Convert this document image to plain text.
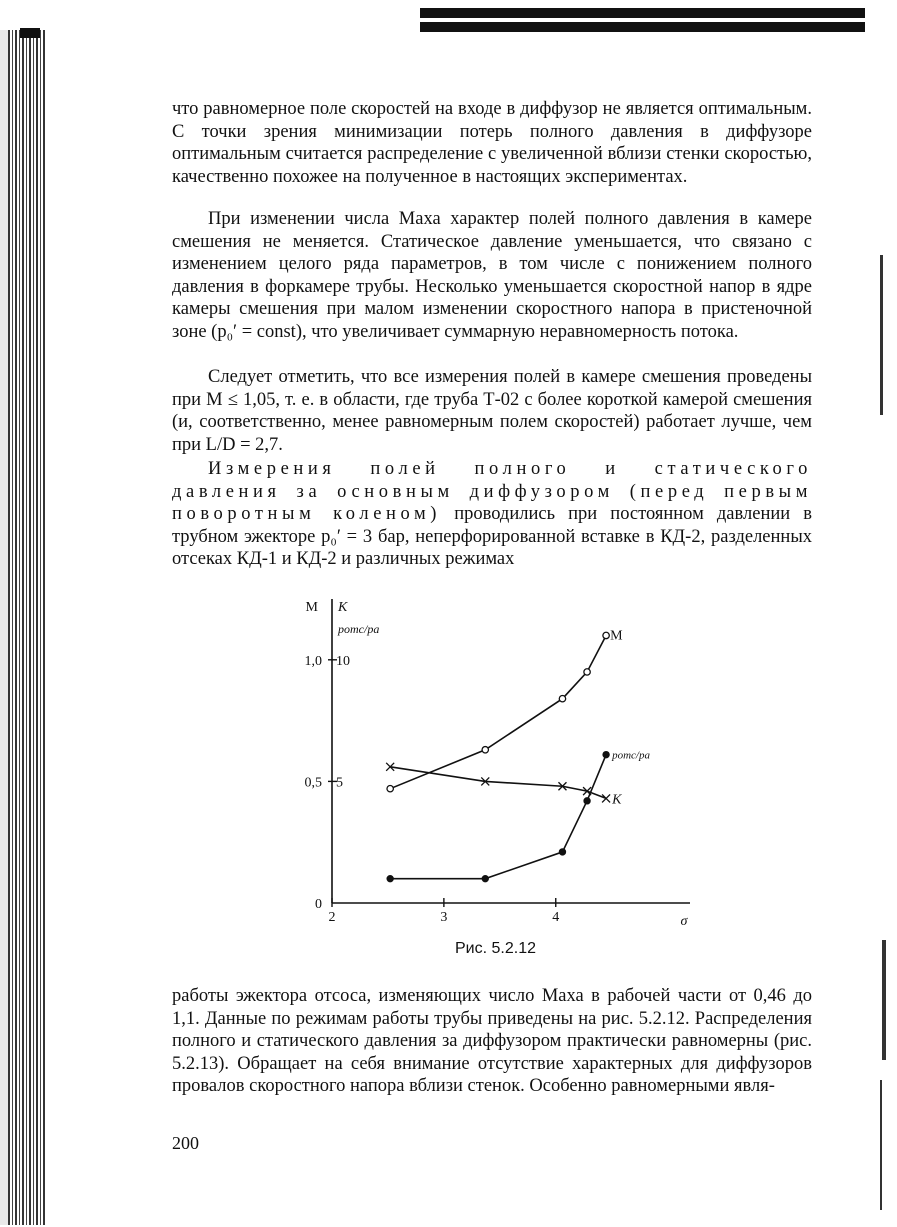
что равномерное поле скоростей на входе в диффузор не является оптимальным. С точки зрения минимизации потерь полного давления в диффузоре оптимальным считается распределение с увеличенной вблизи стенки скоростью, качественно похожее на полученное в настоящих экспериментах.

При изменении числа Маха характер полей полного давления в камере смешения не меняется. Статическое давление уменьшается, что связано с изменением целого ряда параметров, в том числе с понижением полного давления в форкамере трубы. Несколько уменьшается скоростной напор в ядре камеры смешения при малом изменении скоростного напора в пристеночной зоне (p₀′ = const), что увеличивает суммарную неравномерность потока.

Следует отметить, что все измерения полей в камере смешения проведены при M ≤ 1,05, т. е. в области, где труба Т-02 с более короткой камерой смешения (и, соответственно, менее равномерным полем скоростей) работает лучше, чем при L/D = 2,7.

Измерения полей полного и статического давления за основным диффузором (перед первым поворотным коленом) проводились при постоянном давлении в трубном эжекторе p₀′ = 3 бар, неперфорированной вставке в КД-2, разделенных отсеках КД-1 и КД-2 и различных режимах

работы эжектора отсоса, изменяющих число Маха в рабочей части от 0,46 до 1,1. Данные по режимам работы трубы приведены на рис. 5.2.12. Распределения полного и статического давления за диффузором практически равномерны (рис. 5.2.13). Обращает на себя внимание отсутствие характерных для диффузоров провалов скоростного напора вблизи стенок. Особенно равномерными явля-

2	3	4	σ
0
0,5
1,0
5
10
M K
pотс/pа	M
K
pотс/pа
Рис. 5.2.12
200
